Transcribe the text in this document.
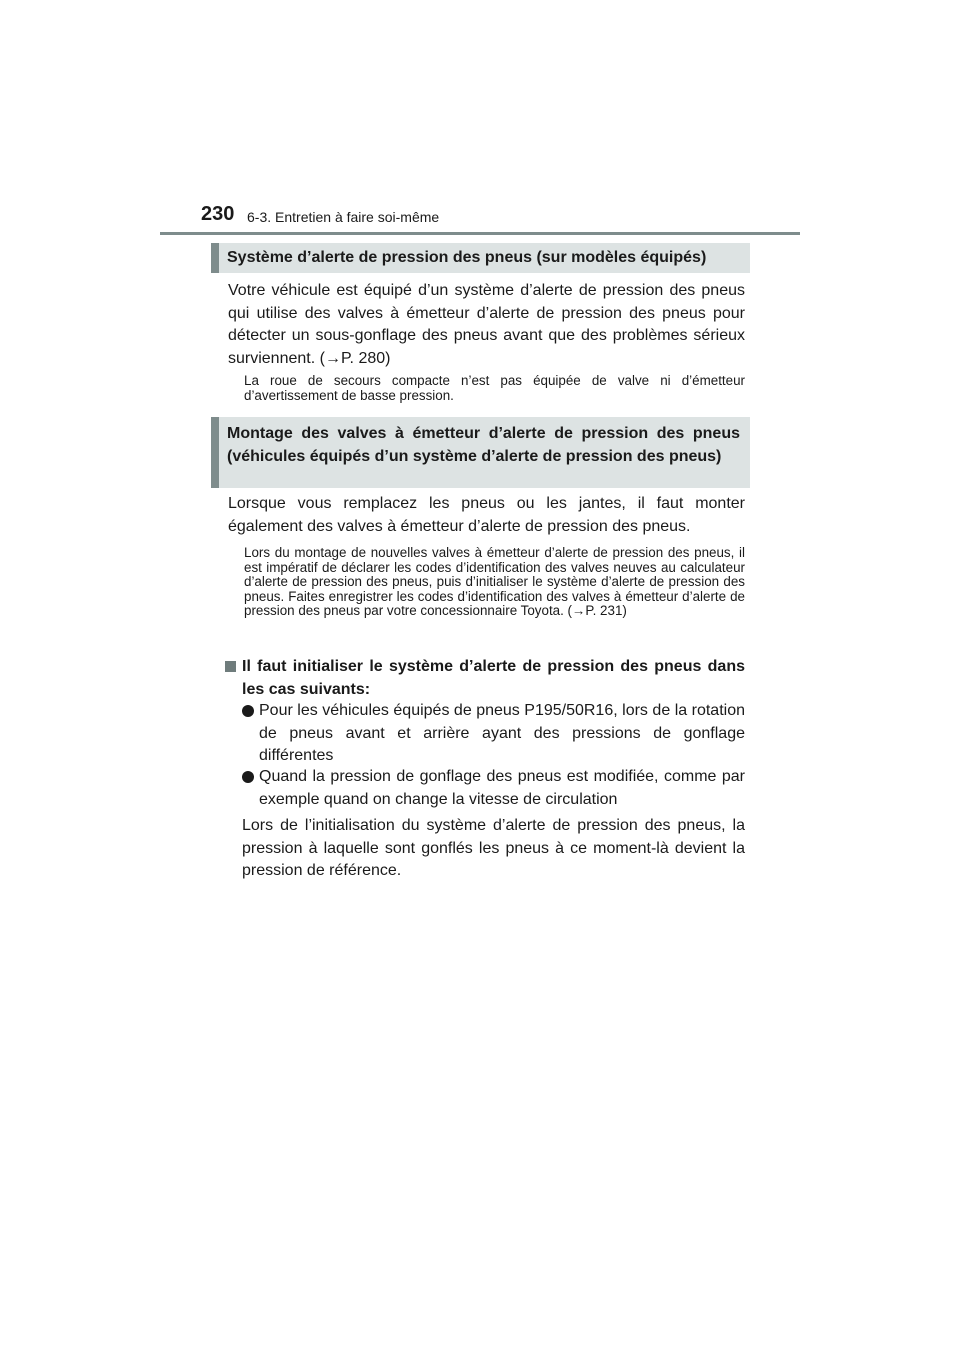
230 6-3. Entretien à faire soi-même
Système d’alerte de pression des pneus (sur modèles équipés)
Votre véhicule est équipé d’un système d’alerte de pression des pneus qui utilise des valves à émetteur d’alerte de pression des pneus pour détecter un sous-gonflage des pneus avant que des problèmes sérieux surviennent. (→P. 280)
La roue de secours compacte n’est pas équipée de valve ni d’émetteur d’avertissement de basse pression.
Montage des valves à émetteur d’alerte de pression des pneus (véhicules équipés d’un système d’alerte de pression des pneus)
Lorsque vous remplacez les pneus ou les jantes, il faut monter également des valves à émetteur d’alerte de pression des pneus.
Lors du montage de nouvelles valves à émetteur d’alerte de pression des pneus, il est impératif de déclarer les codes d’identification des valves neuves au calculateur d’alerte de pression des pneus, puis d’initialiser le système d’alerte de pression des pneus. Faites enregistrer les codes d’identification des valves à émetteur d’alerte de pression des pneus par votre concessionnaire Toyota. (→P. 231)
Il faut initialiser le système d’alerte de pression des pneus dans les cas suivants:
Pour les véhicules équipés de pneus P195/50R16, lors de la rotation de pneus avant et arrière ayant des pressions de gonflage différentes
Quand la pression de gonflage des pneus est modifiée, comme par exemple quand on change la vitesse de circulation
Lors de l’initialisation du système d’alerte de pression des pneus, la pression à laquelle sont gonflés les pneus à ce moment-là devient la pression de référence.
